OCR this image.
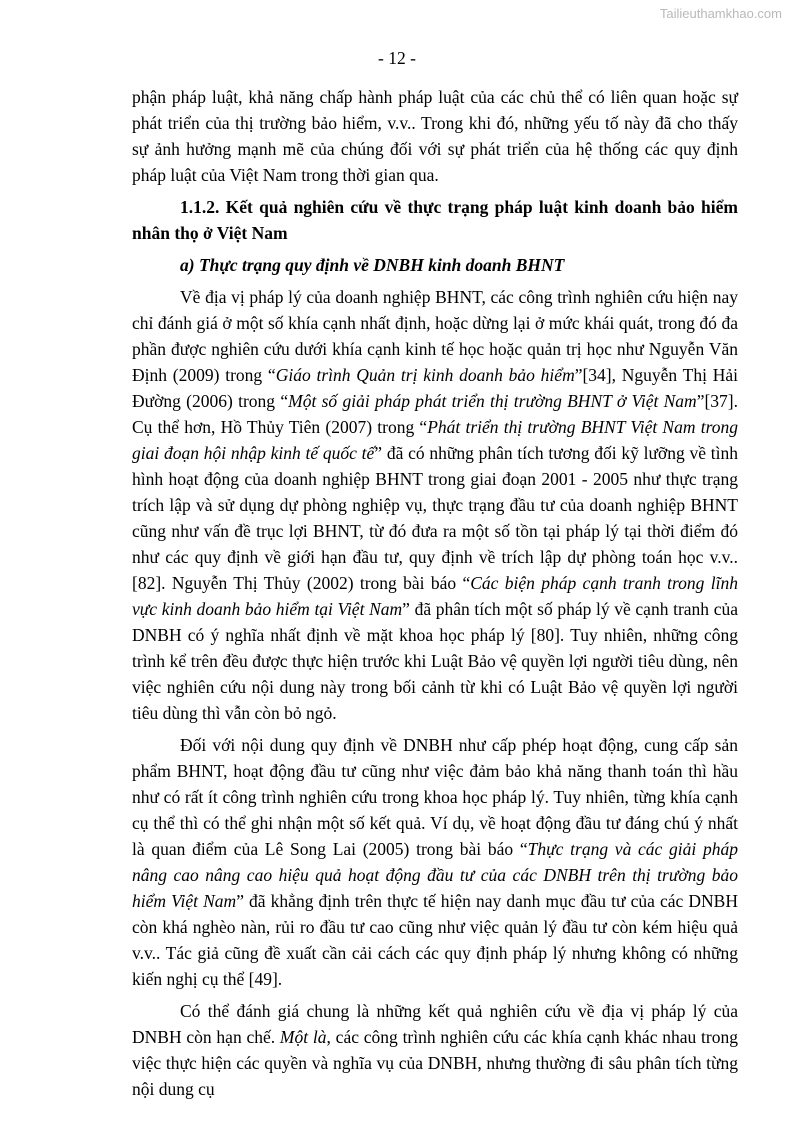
Tailieuthamkhao.com
- 12 -

phận pháp luật, khả năng chấp hành pháp luật của các chủ thể có liên quan hoặc sự phát triển của thị trường bảo hiểm, v.v.. Trong khi đó, những yếu tố này đã cho thấy sự ảnh hưởng mạnh mẽ của chúng đối với sự phát triển của hệ thống các quy định pháp luật của Việt Nam trong thời gian qua.

1.1.2. Kết quả nghiên cứu về thực trạng pháp luật kinh doanh bảo hiểm nhân thọ ở Việt Nam

a) Thực trạng quy định về DNBH kinh doanh BHNT

Về địa vị pháp lý của doanh nghiệp BHNT, các công trình nghiên cứu hiện nay chỉ đánh giá ở một số khía cạnh nhất định, hoặc dừng lại ở mức khái quát, trong đó đa phần được nghiên cứu dưới khía cạnh kinh tế học hoặc quản trị học như Nguyễn Văn Định (2009) trong “Giáo trình Quản trị kinh doanh bảo hiểm”[34], Nguyễn Thị Hải Đường (2006) trong “Một số giải pháp phát triển thị trường BHNT ở Việt Nam”[37]. Cụ thể hơn, Hồ Thủy Tiên (2007) trong “Phát triển thị trường BHNT Việt Nam trong giai đoạn hội nhập kinh tế quốc tế” đã có những phân tích tương đối kỹ lưỡng về tình hình hoạt động của doanh nghiệp BHNT trong giai đoạn 2001 - 2005 như thực trạng trích lập và sử dụng dự phòng nghiệp vụ, thực trạng đầu tư của doanh nghiệp BHNT cũng như vấn đề trục lợi BHNT, từ đó đưa ra một số tồn tại pháp lý tại thời điểm đó như các quy định về giới hạn đầu tư, quy định về trích lập dự phòng toán học v.v..[82]. Nguyễn Thị Thủy (2002) trong bài báo “Các biện pháp cạnh tranh trong lĩnh vực kinh doanh bảo hiểm tại Việt Nam” đã phân tích một số pháp lý về cạnh tranh của DNBH có ý nghĩa nhất định về mặt khoa học pháp lý [80]. Tuy nhiên, những công trình kể trên đều được thực hiện trước khi Luật Bảo vệ quyền lợi người tiêu dùng, nên việc nghiên cứu nội dung này trong bối cảnh từ khi có Luật Bảo vệ quyền lợi người tiêu dùng thì vẫn còn bỏ ngỏ.

Đối với nội dung quy định về DNBH như cấp phép hoạt động, cung cấp sản phẩm BHNT, hoạt động đầu tư cũng như việc đảm bảo khả năng thanh toán thì hầu như có rất ít công trình nghiên cứu trong khoa học pháp lý. Tuy nhiên, từng khía cạnh cụ thể thì có thể ghi nhận một số kết quả. Ví dụ, về hoạt động đầu tư đáng chú ý nhất là quan điểm của Lê Song Lai (2005) trong bài báo “Thực trạng và các giải pháp nâng cao nâng cao hiệu quả hoạt động đầu tư của các DNBH trên thị trường bảo hiểm Việt Nam” đã khẳng định trên thực tế hiện nay danh mục đầu tư của các DNBH còn khá nghèo nàn, rủi ro đầu tư cao cũng như việc quản lý đầu tư còn kém hiệu quả v.v.. Tác giả cũng đề xuất cần cải cách các quy định pháp lý nhưng không có những kiến nghị cụ thể [49].

Có thể đánh giá chung là những kết quả nghiên cứu về địa vị pháp lý của DNBH còn hạn chế. Một là, các công trình nghiên cứu các khía cạnh khác nhau trong việc thực hiện các quyền và nghĩa vụ của DNBH, nhưng thường đi sâu phân tích từng nội dung cụ
